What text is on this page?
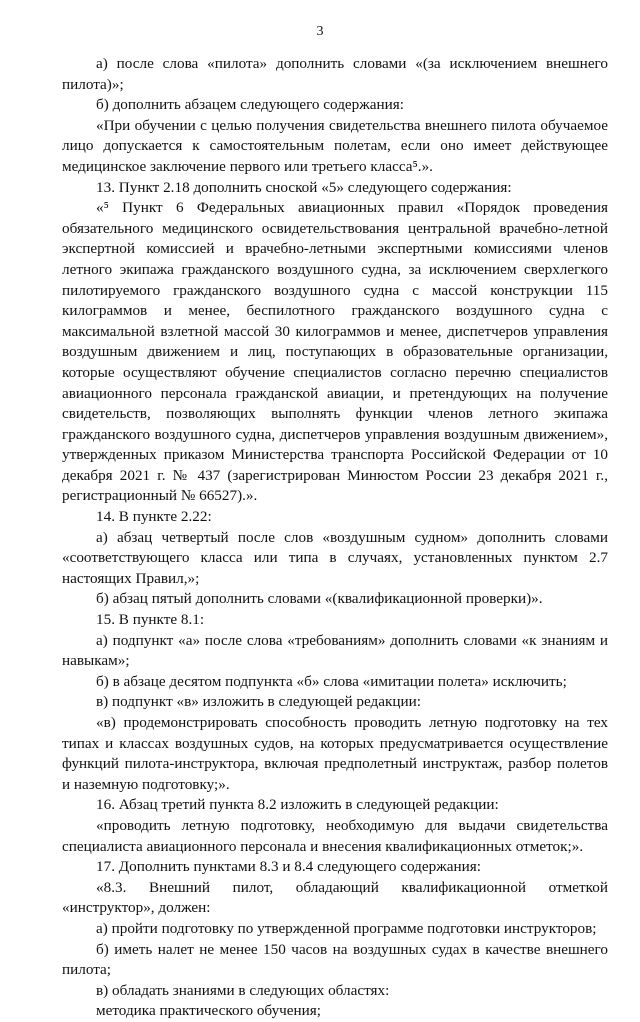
3

а) после слова «пилота» дополнить словами «(за исключением внешнего пилота)»;

б) дополнить абзацем следующего содержания:

«При обучении с целью получения свидетельства внешнего пилота обучаемое лицо допускается к самостоятельным полетам, если оно имеет действующее медицинское заключение первого или третьего класса⁵.».

13. Пункт 2.18 дополнить сноской «5» следующего содержания:

«⁵ Пункт 6 Федеральных авиационных правил «Порядок проведения обязательного медицинского освидетельствования центральной врачебно-летной экспертной комиссией и врачебно-летными экспертными комиссиями членов летного экипажа гражданского воздушного судна, за исключением сверхлегкого пилотируемого гражданского воздушного судна с массой конструкции 115 килограммов и менее, беспилотного гражданского воздушного судна с максимальной взлетной массой 30 килограммов и менее, диспетчеров управления воздушным движением и лиц, поступающих в образовательные организации, которые осуществляют обучение специалистов согласно перечню специалистов авиационного персонала гражданской авиации, и претендующих на получение свидетельств, позволяющих выполнять функции членов летного экипажа гражданского воздушного судна, диспетчеров управления воздушным движением», утвержденных приказом Министерства транспорта Российской Федерации от 10 декабря 2021 г. № 437 (зарегистрирован Минюстом России 23 декабря 2021 г., регистрационный № 66527).».

14. В пункте 2.22:

а) абзац четвертый после слов «воздушным судном» дополнить словами «соответствующего класса или типа в случаях, установленных пунктом 2.7 настоящих Правил,»;

б) абзац пятый дополнить словами «(квалификационной проверки)».

15. В пункте 8.1:

а) подпункт «а» после слова «требованиям» дополнить словами «к знаниям и навыкам»;

б) в абзаце десятом подпункта «б» слова «имитации полета» исключить;

в) подпункт «в» изложить в следующей редакции:

«в) продемонстрировать способность проводить летную подготовку на тех типах и классах воздушных судов, на которых предусматривается осуществление функций пилота-инструктора, включая предполетный инструктаж, разбор полетов и наземную подготовку;».

16. Абзац третий пункта 8.2 изложить в следующей редакции:

«проводить летную подготовку, необходимую для выдачи свидетельства специалиста авиационного персонала и внесения квалификационных отметок;».

17. Дополнить пунктами 8.3 и 8.4 следующего содержания:

«8.3. Внешний пилот, обладающий квалификационной отметкой «инструктор», должен:

а) пройти подготовку по утвержденной программе подготовки инструкторов;

б) иметь налет не менее 150 часов на воздушных судах в качестве внешнего пилота;

в) обладать знаниями в следующих областях:

методика практического обучения;
